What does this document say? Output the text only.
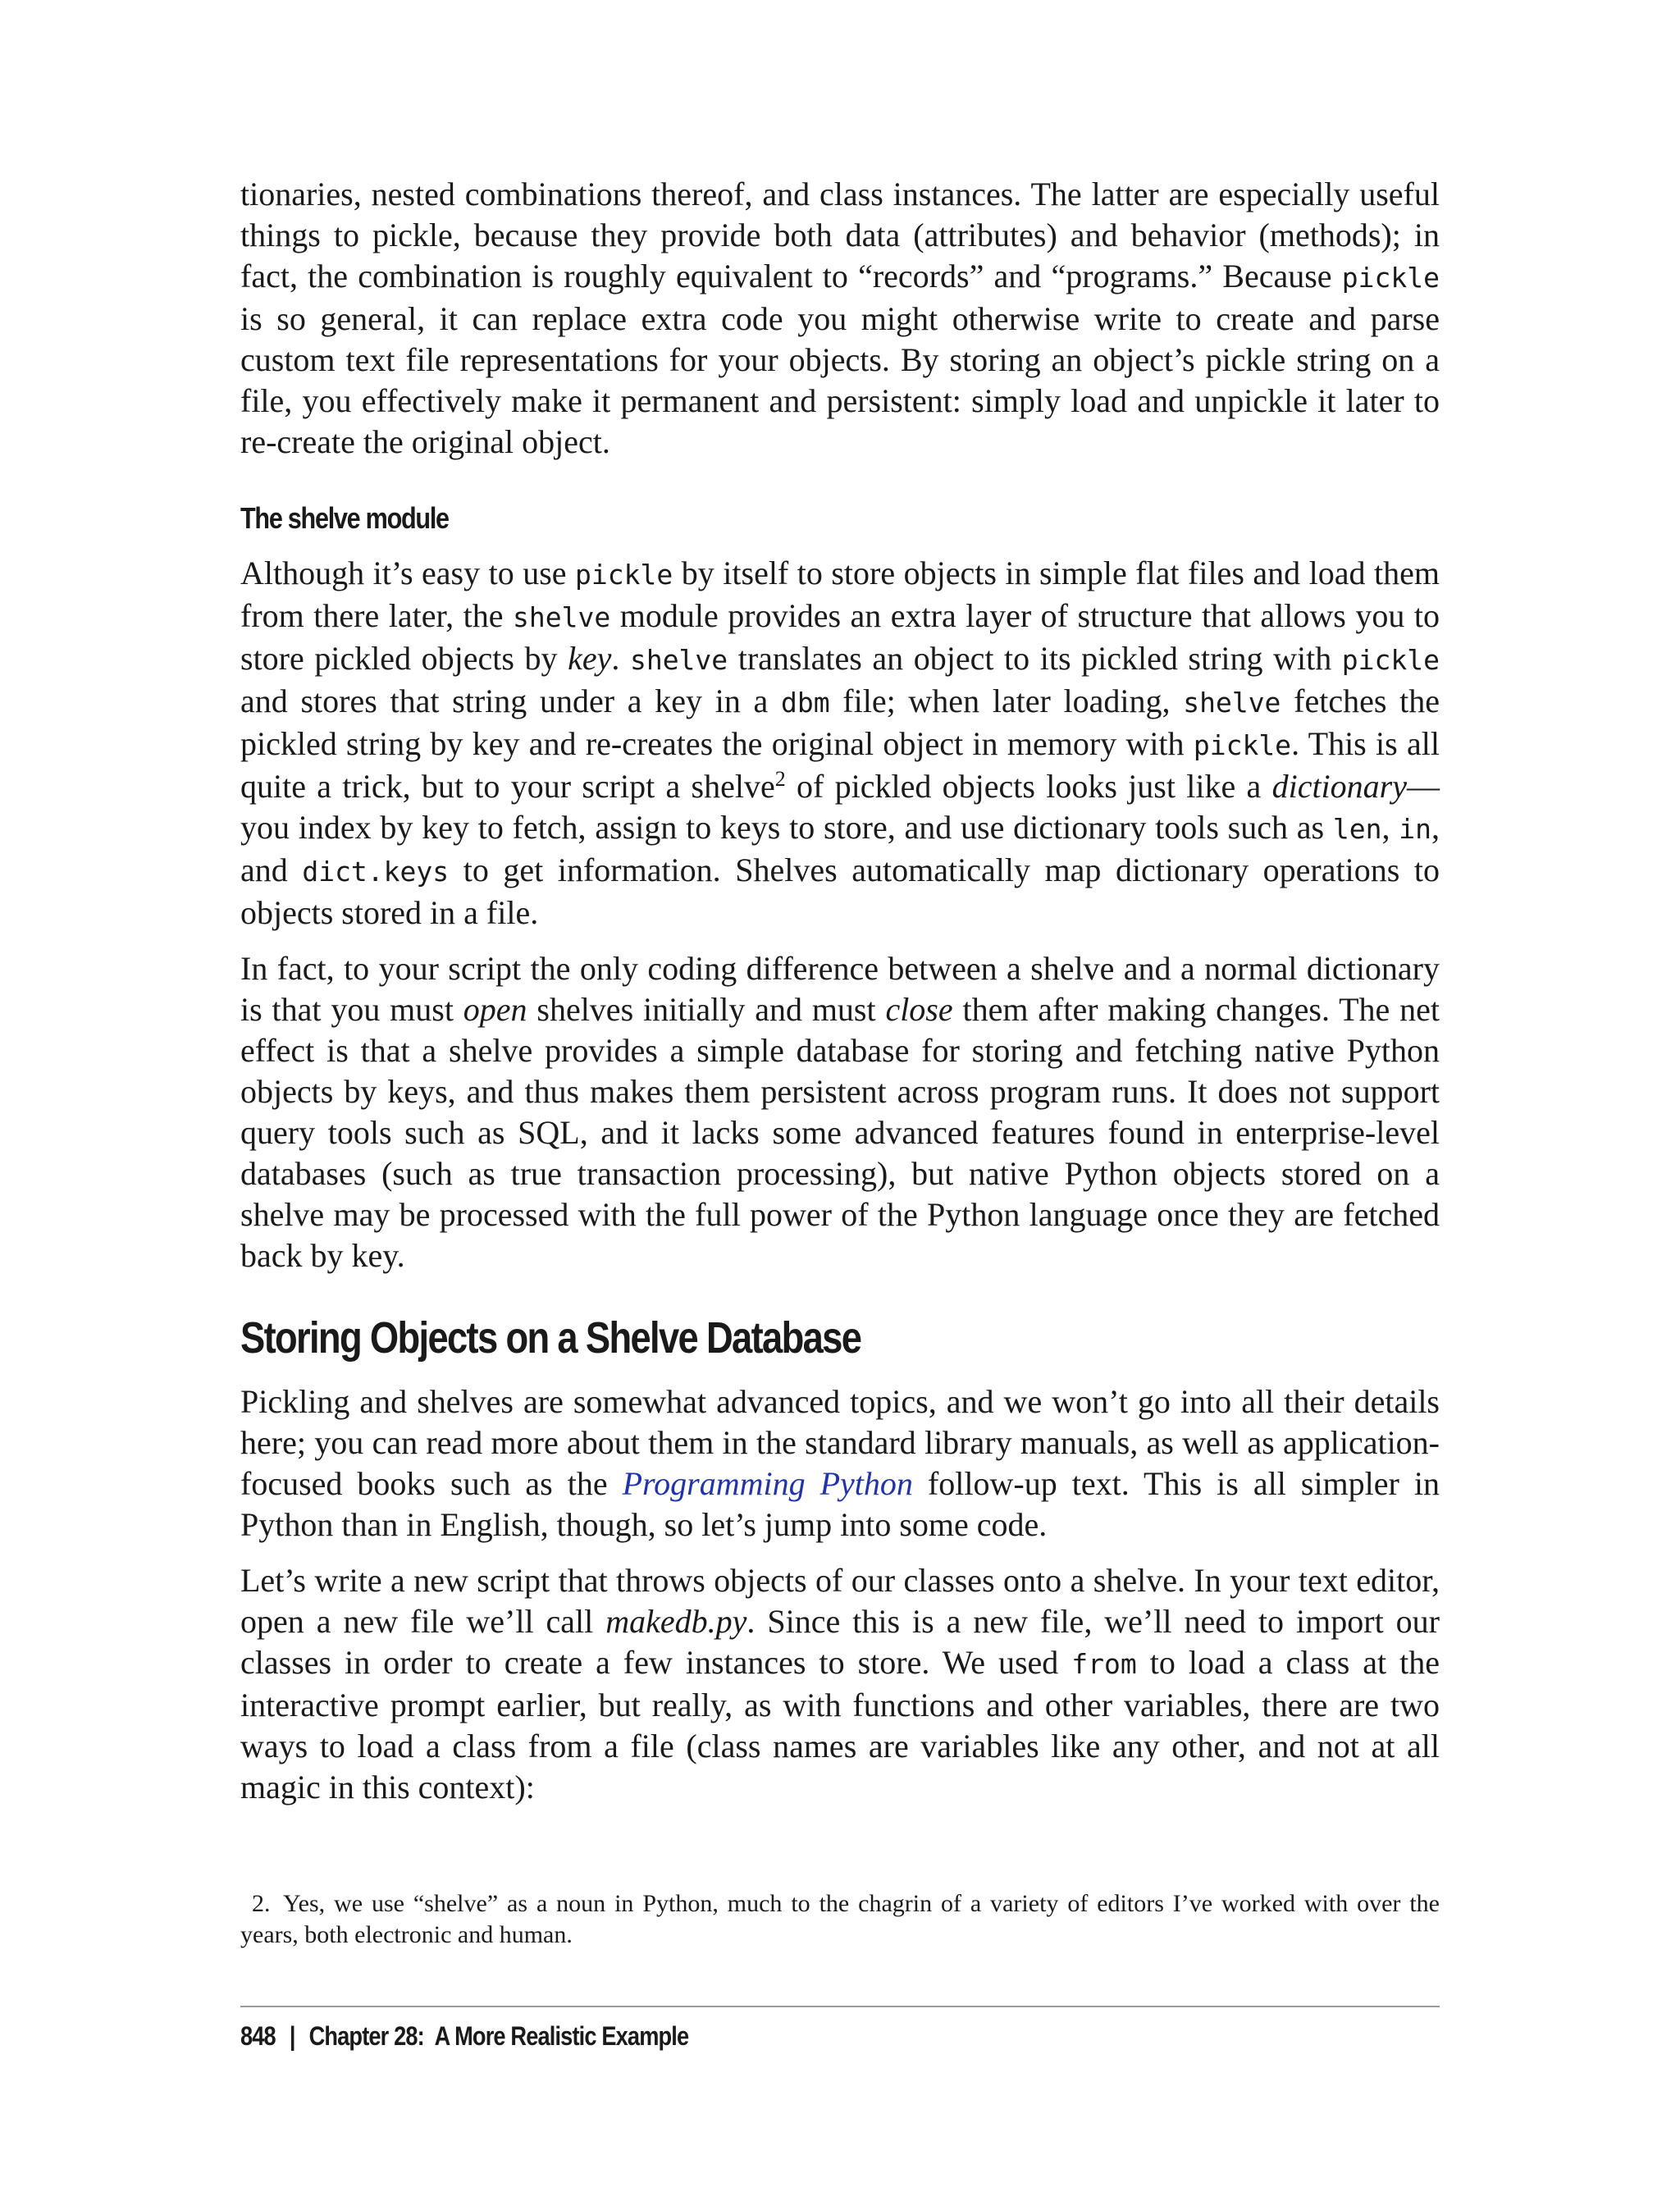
tionaries, nested combinations thereof, and class instances. The latter are especially useful things to pickle, because they provide both data (attributes) and behavior (methods); in fact, the combination is roughly equivalent to “records” and “programs.” Because pickle is so general, it can replace extra code you might otherwise write to create and parse custom text file representations for your objects. By storing an object’s pickle string on a file, you effectively make it permanent and persistent: simply load and unpickle it later to re-create the original object.

The shelve module

Although it’s easy to use pickle by itself to store objects in simple flat files and load them from there later, the shelve module provides an extra layer of structure that allows you to store pickled objects by key. shelve translates an object to its pickled string with pickle and stores that string under a key in a dbm file; when later loading, shelve fetches the pickled string by key and re-creates the original object in memory with pickle. This is all quite a trick, but to your script a shelve$^2$ of pickled objects looks just like a dictionary—you index by key to fetch, assign to keys to store, and use dictionary tools such as len, in, and dict.keys to get information. Shelves automatically map dictionary operations to objects stored in a file.

In fact, to your script the only coding difference between a shelve and a normal dictionary is that you must open shelves initially and must close them after making changes. The net effect is that a shelve provides a simple database for storing and fetching native Python objects by keys, and thus makes them persistent across program runs. It does not support query tools such as SQL, and it lacks some advanced features found in enterprise-level databases (such as true transaction processing), but native Python objects stored on a shelve may be processed with the full power of the Python language once they are fetched back by key.

Storing Objects on a Shelve Database

Pickling and shelves are somewhat advanced topics, and we won’t go into all their details here; you can read more about them in the standard library manuals, as well as application-focused books such as the Programming Python follow-up text. This is all simpler in Python than in English, though, so let’s jump into some code.

Let’s write a new script that throws objects of our classes onto a shelve. In your text editor, open a new file we’ll call makedb.py. Since this is a new file, we’ll need to import our classes in order to create a few instances to store. We used from to load a class at the interactive prompt earlier, but really, as with functions and other variables, there are two ways to load a class from a file (class names are variables like any other, and not at all magic in this context):

2. Yes, we use “shelve” as a noun in Python, much to the chagrin of a variety of editors I’ve worked with over the years, both electronic and human.
848 | Chapter 28: A More Realistic Example
